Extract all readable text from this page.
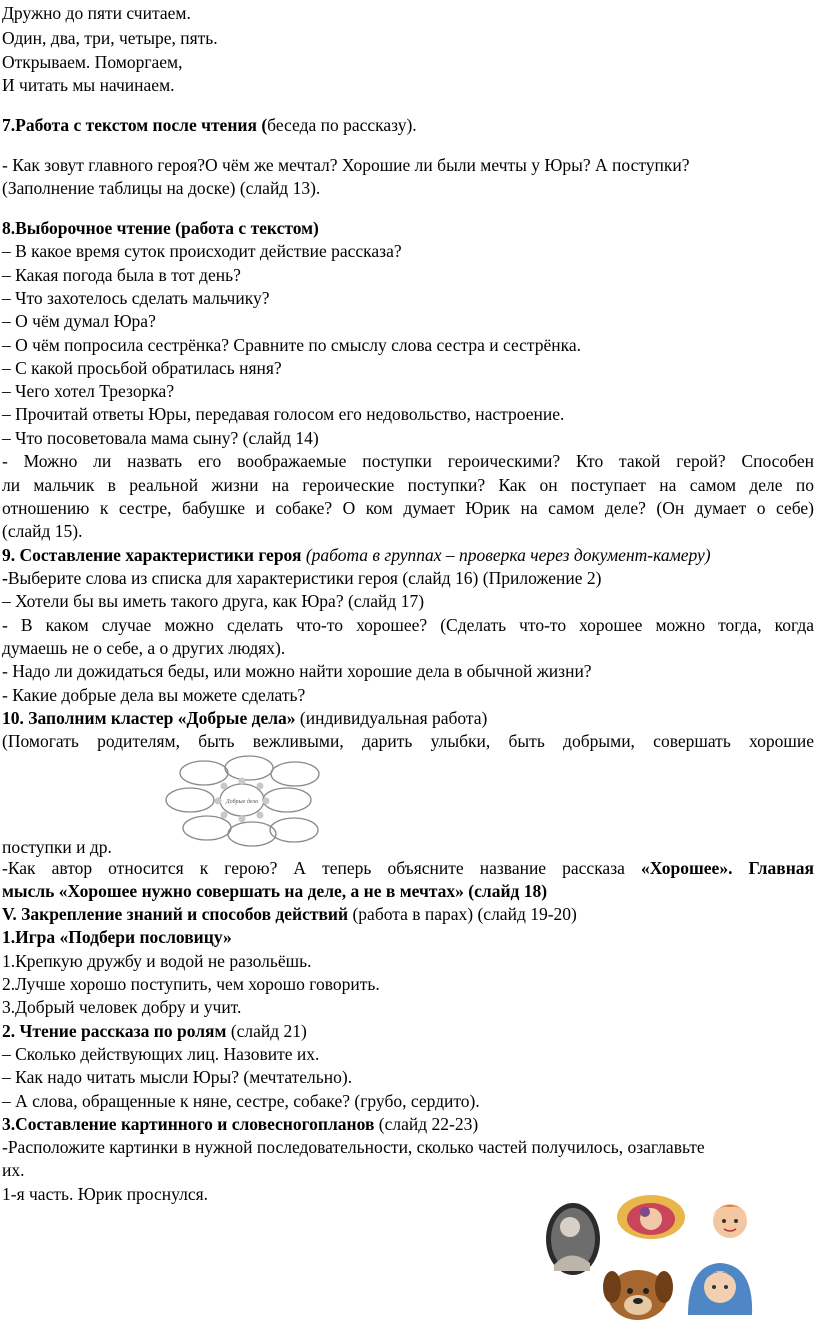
Дружно до пяти считаем.
Один, два, три, четыре, пять.
Открываем. Поморгаем,
И читать мы начинаем.
7.Работа с текстом после чтения (беседа по рассказу).
- Как зовут главного героя?О чём же мечтал? Хорошие ли были мечты у Юры? А поступки?
(Заполнение таблицы на доске) (слайд 13).
8.Выборочное чтение (работа с текстом)
– В какое время суток происходит действие рассказа?
– Какая погода была в тот день?
– Что захотелось сделать мальчику?
– О чём думал Юра?
– О чём попросила сестрёнка? Сравните по смыслу слова сестра и сестрёнка.
– С какой просьбой обратилась няня?
– Чего хотел Трезорка?
– Прочитай ответы Юры, передавая голосом его недовольство, настроение.
– Что посоветовала мама сыну? (слайд 14)
- Можно ли назвать его воображаемые поступки героическими? Кто такой герой? Способен
ли мальчик в реальной жизни на героические поступки? Как он поступает на самом деле по
отношению к сестре, бабушке и собаке? О ком думает Юрик на самом деле? (Он думает о себе)
(слайд 15).
9. Составление характеристики героя (работа в группах – проверка через документ-камеру)
-Выберите слова из списка для характеристики героя (слайд 16) (Приложение 2)
– Хотели бы вы иметь такого друга, как Юра? (слайд 17)
- В каком случае можно сделать что-то хорошее? (Сделать что-то хорошее можно тогда, когда
думаешь не о себе, а о других людях).
- Надо ли дожидаться беды, или можно найти хорошие дела в обычной жизни?
- Какие добрые дела вы можете сделать?
10. Заполним кластер «Добрые дела» (индивидуальная работа)
(Помогать родителям, быть вежливыми, дарить улыбки, быть добрыми, совершать хорошие
Добрые дела
поступки и др.
-Как автор относится к герою? А теперь объясните название рассказа «Хорошее». Главная
мысль «Хорошее нужно совершать на деле, а не в мечтах» (слайд 18)
V. Закрепление знаний и способов действий (работа в парах) (слайд 19-20)
1.Игра «Подбери пословицу»
1.Крепкую дружбу и водой не разольёшь.
2.Лучше хорошо поступить, чем хорошо говорить.
3.Добрый человек добру и учит.
2. Чтение рассказа по ролям (слайд 21)
– Сколько действующих лиц. Назовите их.
– Как надо читать мысли Юры? (мечтательно).
– А слова, обращенные к няне, сестре, собаке? (грубо, сердито).
3.Составление картинного и словесногопланов (слайд 22-23)
-Расположите картинки в нужной последовательности, сколько частей получилось, озаглавьте
их.
1-я часть. Юрик проснулся.
